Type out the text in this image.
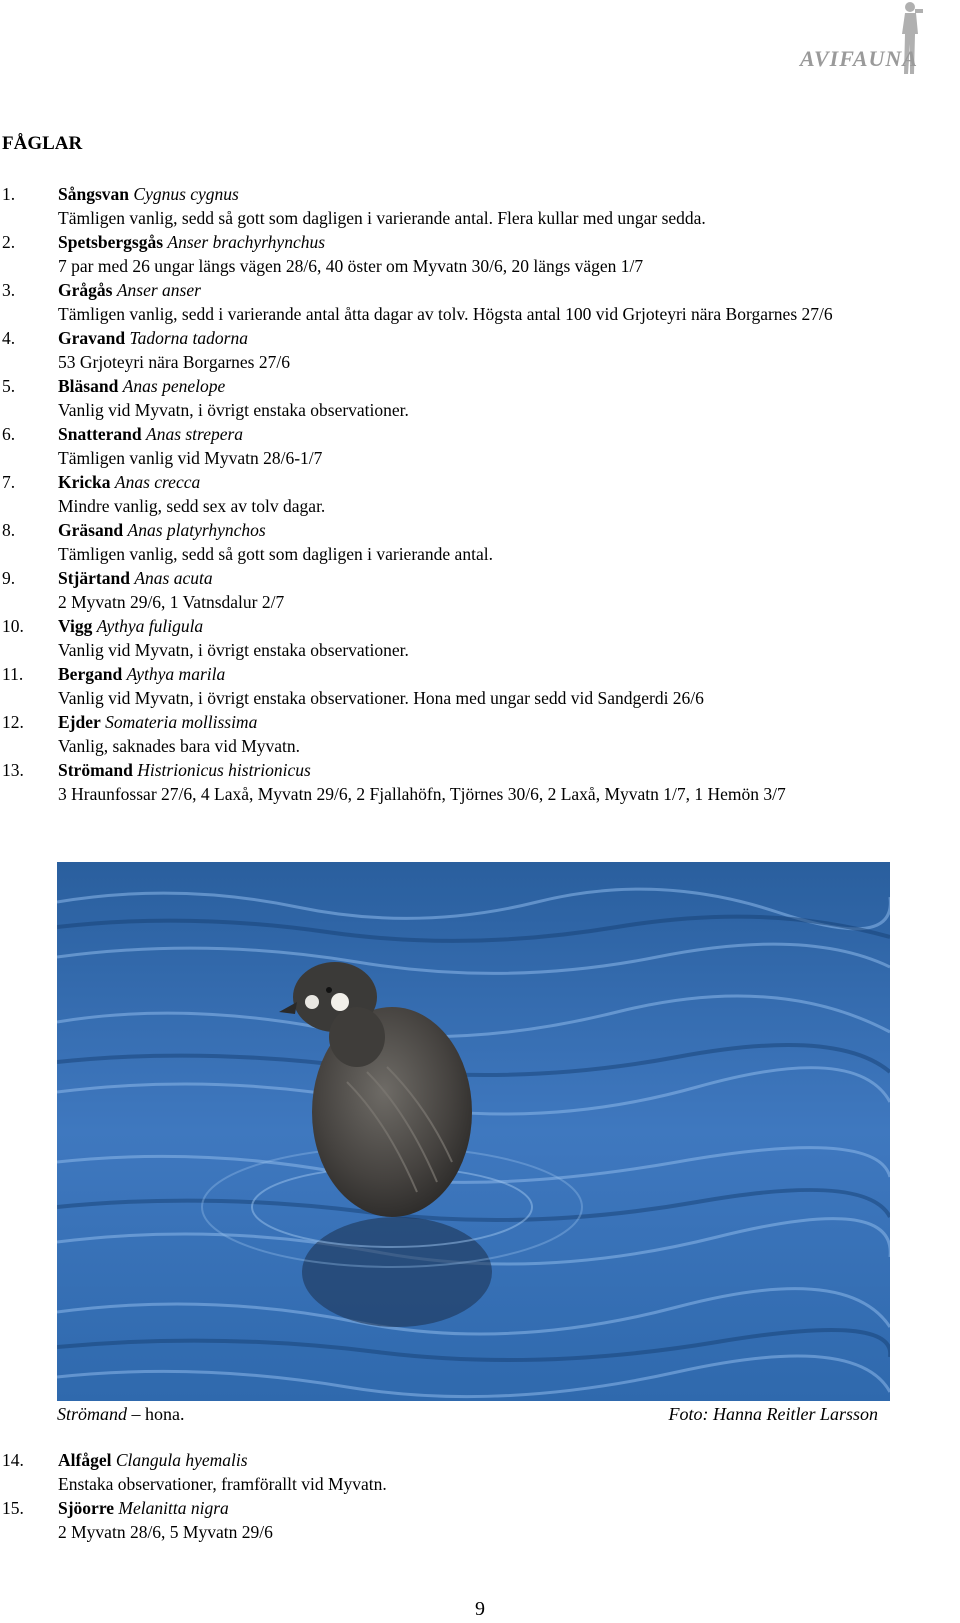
AVIFAUNA
FÅGLAR
1. Sångsvan Cygnus cygnus
Tämligen vanlig, sedd så gott som dagligen i varierande antal. Flera kullar med ungar sedda.
2. Spetsbergsgås Anser brachyrhynchus
7 par med 26 ungar längs vägen 28/6, 40 öster om Myvatn 30/6, 20 längs vägen 1/7
3. Grågås Anser anser
Tämligen vanlig, sedd i varierande antal åtta dagar av tolv. Högsta antal 100 vid Grjoteyri nära Borgarnes 27/6
4. Gravand Tadorna tadorna
53 Grjoteyri nära Borgarnes 27/6
5. Bläsand Anas penelope
Vanlig vid Myvatn, i övrigt enstaka observationer.
6. Snatterand Anas strepera
Tämligen vanlig vid Myvatn 28/6-1/7
7. Kricka Anas crecca
Mindre vanlig, sedd sex av tolv dagar.
8. Gräsand Anas platyrhynchos
Tämligen vanlig, sedd så gott som dagligen i varierande antal.
9. Stjärtand Anas acuta
2 Myvatn 29/6, 1 Vatnsdalur 2/7
10. Vigg Aythya fuligula
Vanlig vid Myvatn, i övrigt enstaka observationer.
11. Bergand Aythya marila
Vanlig vid Myvatn, i övrigt enstaka observationer. Hona med ungar sedd vid Sandgerdi 26/6
12. Ejder Somateria mollissima
Vanlig, saknades bara vid Myvatn.
13. Strömand Histrionicus histrionicus
3 Hraunfossar 27/6, 4 Laxå, Myvatn 29/6, 2 Fjallahöfn, Tjörnes 30/6, 2 Laxå, Myvatn 1/7, 1 Hemön 3/7
Strömand – hona.	Foto: Hanna Reitler Larsson
14. Alfågel Clangula hyemalis
Enstaka observationer, framförallt vid Myvatn.
15. Sjöorre Melanitta nigra
2 Myvatn 28/6, 5 Myvatn 29/6
9
